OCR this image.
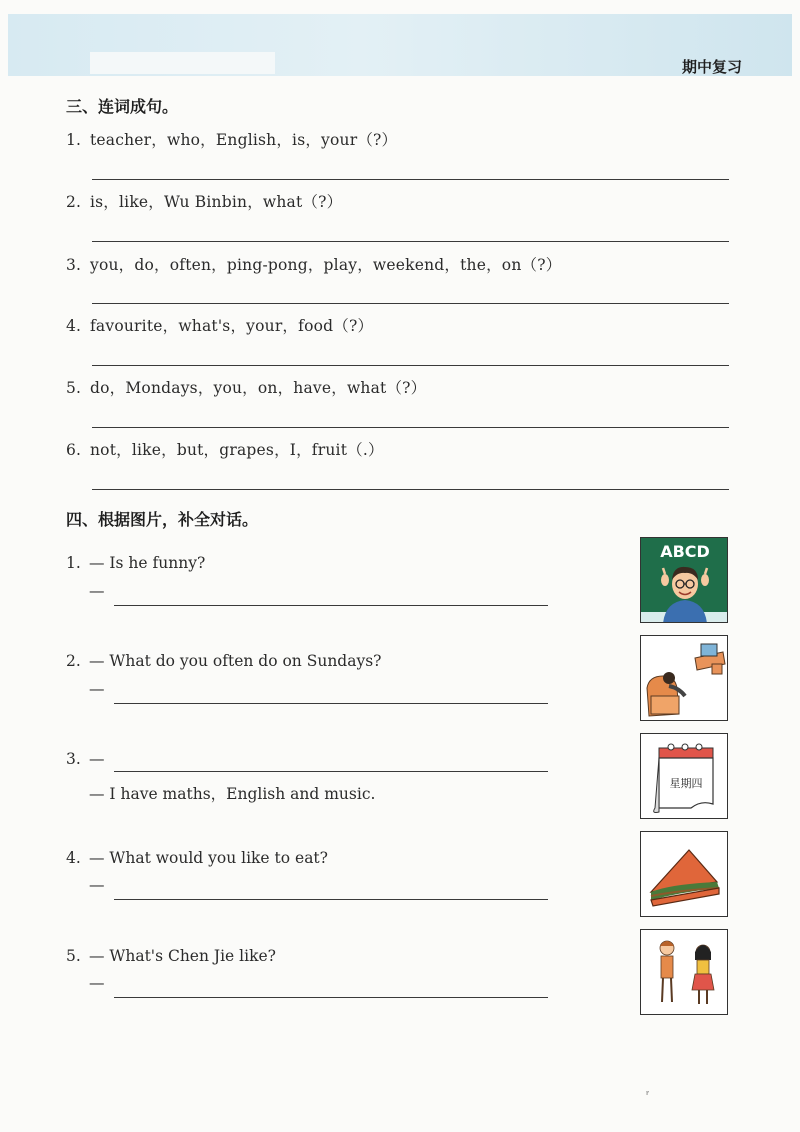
期中复习
三、连词成句。
1. teacher，who，English，is，your（?）
2. is，like，Wu Binbin，what（?）
3. you，do，often，ping-pong，play，weekend，the，on（?）
4. favourite，what's，your，food（?）
5. do，Mondays，you，on，have，what（?）
6. not，like，but，grapes，I，fruit（.）
四、根据图片，补全对话。
1. — Is he funny?
—
2. — What do you often do on Sundays?
—
3. —
— I have maths，English and music.
4. — What would you like to eat?
—
5. — What's Chen Jie like?
—
ABCD
星期四
ʳ
